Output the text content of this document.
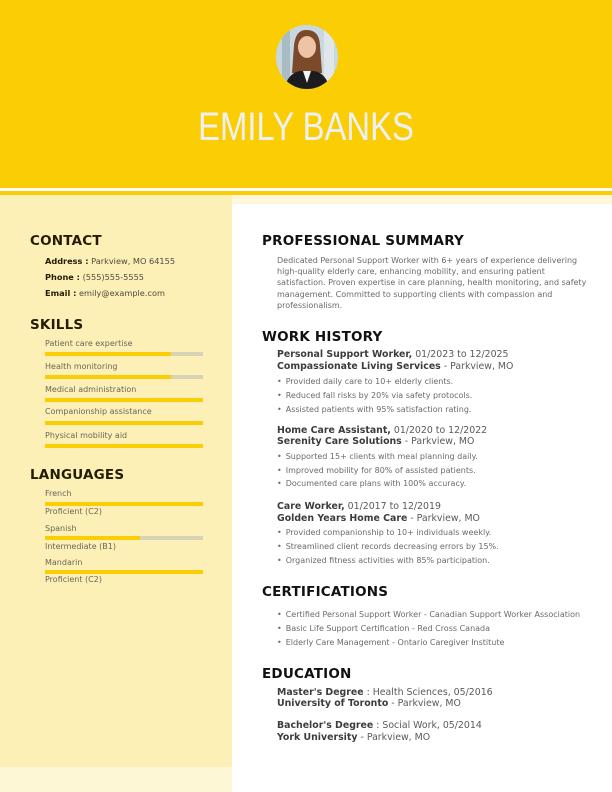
EMILY BANKS
CONTACT
Address : Parkview, MO 64155
Phone : (555)555-5555
Email : emily@example.com
SKILLS
Patient care expertise
Health monitoring
Medical administration
Companionship assistance
Physical mobility aid
LANGUAGES
French
Proficient (C2)
Spanish
Intermediate (B1)
Mandarin
Proficient (C2)
PROFESSIONAL SUMMARY
Dedicated Personal Support Worker with 6+ years of experience delivering high-quality elderly care, enhancing mobility, and ensuring patient satisfaction. Proven expertise in care planning, health monitoring, and safety management. Committed to supporting clients with compassion and professionalism.
WORK HISTORY
Personal Support Worker, 01/2023 to 12/2025
Compassionate Living Services - Parkview, MO
• Provided daily care to 10+ elderly clients.
• Reduced fall risks by 20% via safety protocols.
• Assisted patients with 95% satisfaction rating.
Home Care Assistant, 01/2020 to 12/2022
Serenity Care Solutions - Parkview, MO
• Supported 15+ clients with meal planning daily.
• Improved mobility for 80% of assisted patients.
• Documented care plans with 100% accuracy.
Care Worker, 01/2017 to 12/2019
Golden Years Home Care - Parkview, MO
• Provided companionship to 10+ individuals weekly.
• Streamlined client records decreasing errors by 15%.
• Organized fitness activities with 85% participation.
CERTIFICATIONS
• Certified Personal Support Worker - Canadian Support Worker Association
• Basic Life Support Certification - Red Cross Canada
• Elderly Care Management - Ontario Caregiver Institute
EDUCATION
Master's Degree : Health Sciences, 05/2016
University of Toronto - Parkview, MO
Bachelor's Degree : Social Work, 05/2014
York University - Parkview, MO
